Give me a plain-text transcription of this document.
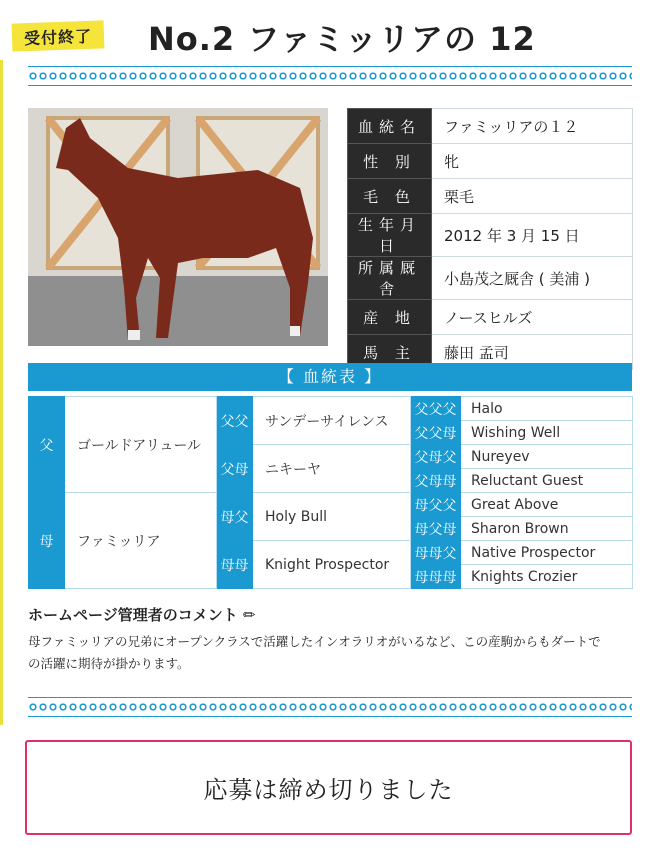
受付終了	No.2 ファミッリアの 12
血統名	ファミッリアの１２
性 別	牝
毛 色	栗毛
生年月日	2012 年 3 月 15 日
所属厩舎	小島茂之厩舎 ( 美浦 )
産 地	ノースヒルズ
馬 主	藤田 孟司
【 血統表 】
父	ゴールドアリュール	父父	サンデーサイレンス	父父父	Halo
				父父母	Wishing Well
		父母	ニキーヤ	父母父	Nureyev
				父母母	Reluctant Guest
母	ファミッリア	母父	Holy Bull	母父父	Great Above
				母父母	Sharon Brown
		母母	Knight Prospector	母母父	Native Prospector
				母母母	Knights Crozier
ホームページ管理者のコメント ✏
母ファミッリアの兄弟にオープンクラスで活躍したインオラリオがいるなど、この産駒からもダートで
の活躍に期待が掛かります。
応募は締め切りました
